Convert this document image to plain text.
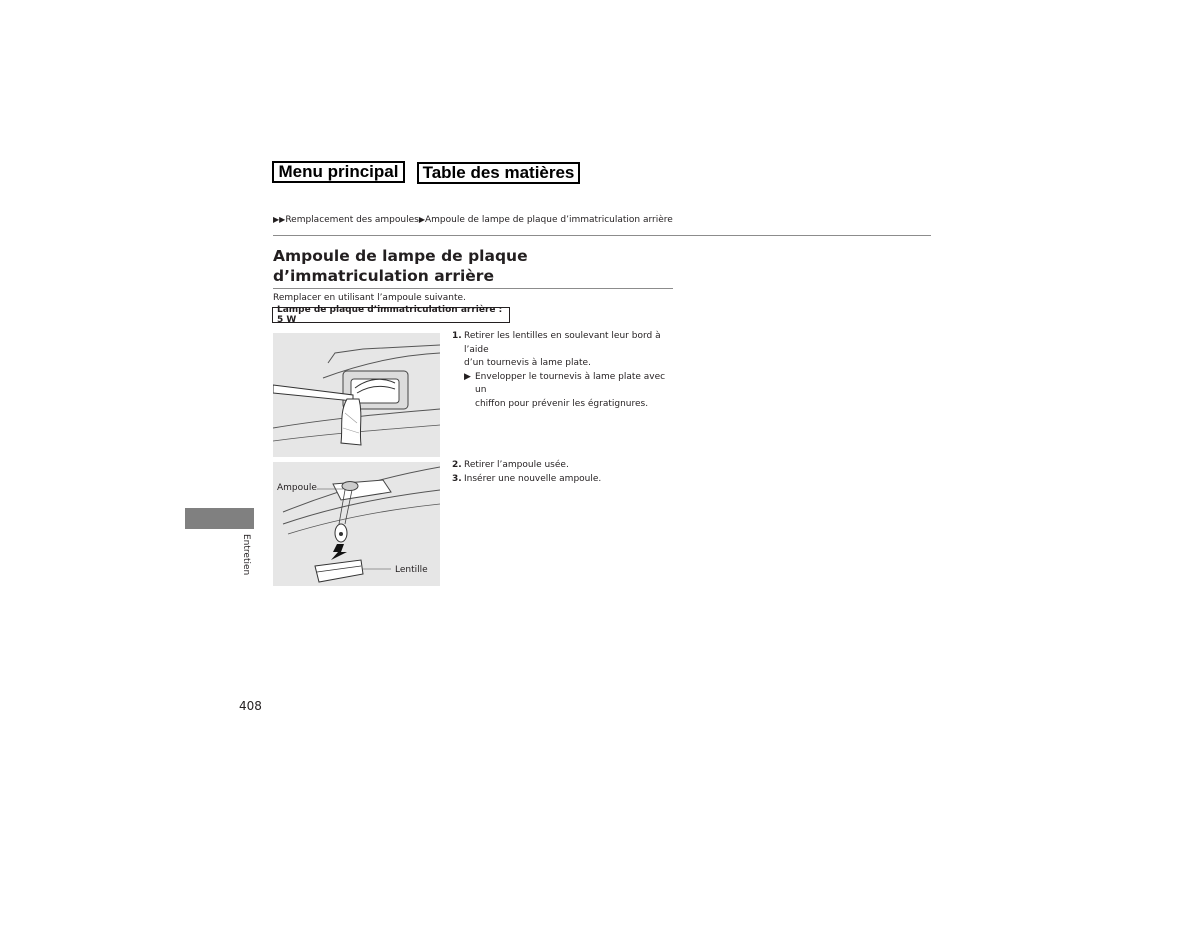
Menu principal	Table des matières
▶▶Remplacement des ampoules▶Ampoule de lampe de plaque d’immatriculation arrière
Ampoule de lampe de plaque d’immatriculation arrière
Remplacer en utilisant l’ampoule suivante.
Lampe de plaque d’immatriculation arrière : 5 W
Ampoule
Lentille
1. Retirer les lentilles en soulevant leur bord à l’aide
d’un tournevis à lame plate.
▶ Envelopper le tournevis à lame plate avec un
chiffon pour prévenir les égratignures.
2. Retirer l’ampoule usée.
3. Insérer une nouvelle ampoule.
Entretien
408
